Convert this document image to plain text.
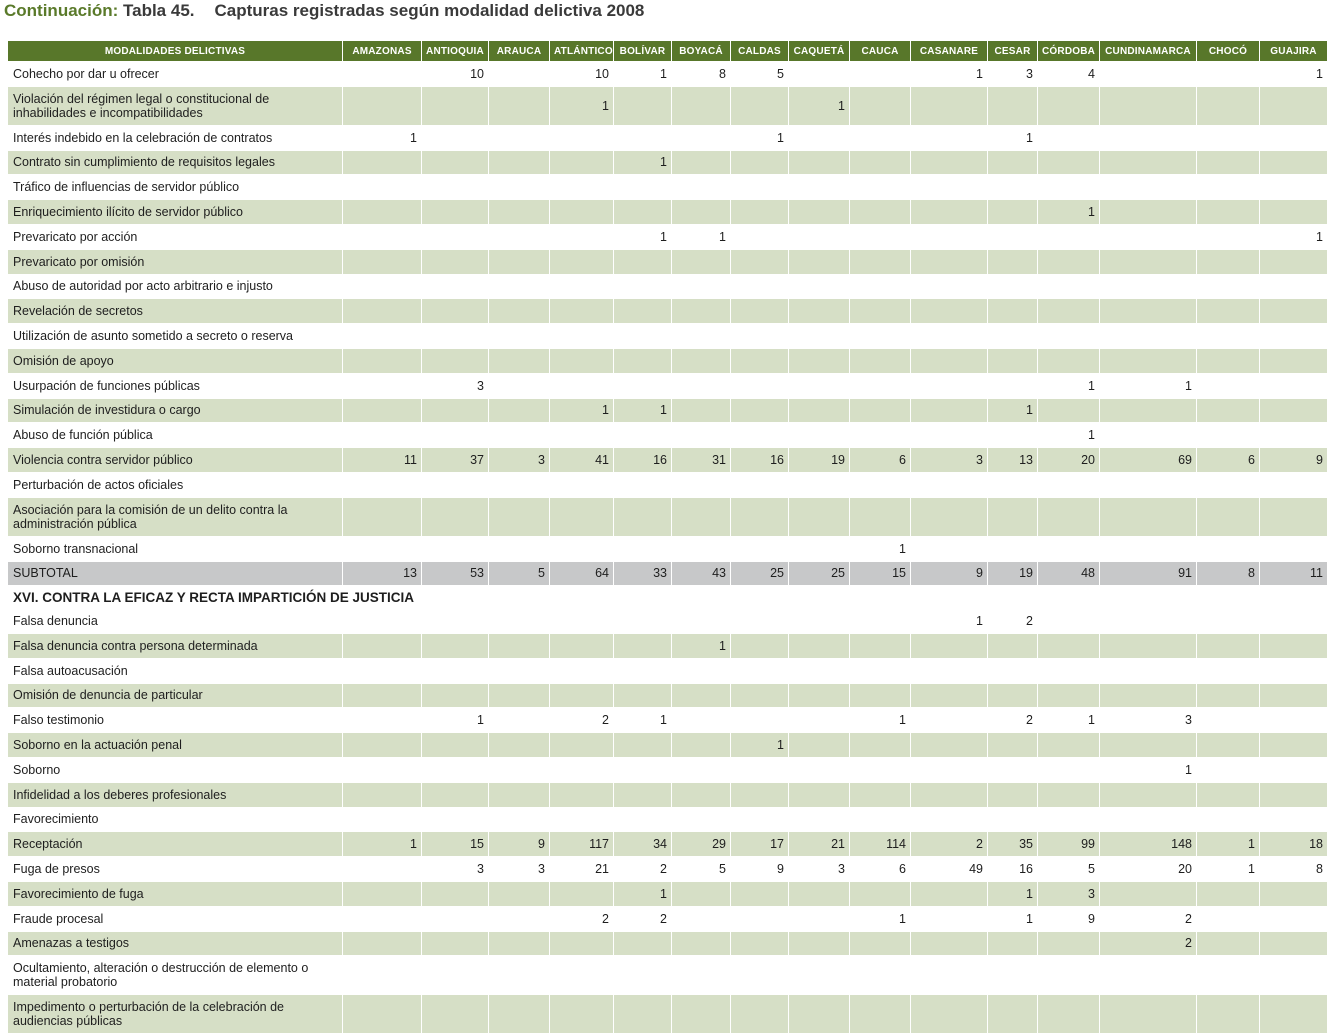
Continuación: Tabla 45. Capturas registradas según modalidad delictiva 2008
MODALIDADES DELICTIVAS	AMAZONAS	ANTIOQUIA	ARAUCA	ATLÁNTICO	BOLÍVAR	BOYACÁ	CALDAS	CAQUETÁ	CAUCA	CASANARE	CESAR	CÓRDOBA	CUNDINAMARCA	CHOCÓ	GUAJIRA
Cohecho por dar u ofrecer		10		10	1	8	5			1	3	4			1
Violación del régimen legal o constitucional de inhabilidades e incompatibilidades				1				1							
Interés indebido en la celebración de contratos	1						1				1				
Contrato sin cumplimiento de requisitos legales					1										
Tráfico de influencias de servidor público															
Enriquecimiento ilícito de servidor público												1			
Prevaricato por acción					1	1									1
Prevaricato por omisión															
Abuso de autoridad por acto arbitrario e injusto															
Revelación de secretos															
Utilización de asunto sometido a secreto o reserva															
Omisión de apoyo															
Usurpación de funciones públicas		3										1	1		
Simulación de investidura o cargo				1	1						1				
Abuso de función pública												1			
Violencia contra servidor público	11	37	3	41	16	31	16	19	6	3	13	20	69	6	9
Perturbación de actos oficiales															
Asociación para la comisión de un delito contra la administración pública															
Soborno transnacional									1						
SUBTOTAL	13	53	5	64	33	43	25	25	15	9	19	48	91	8	11
XVI. CONTRA LA EFICAZ Y RECTA IMPARTICIÓN DE JUSTICIA															
Falsa denuncia										1	2				
Falsa denuncia contra persona determinada						1									
Falsa autoacusación															
Omisión de denuncia de particular															
Falso testimonio		1		2	1				1		2	1	3		
Soborno en la actuación penal							1								
Soborno													1		
Infidelidad a los deberes profesionales															
Favorecimiento															
Receptación	1	15	9	117	34	29	17	21	114	2	35	99	148	1	18
Fuga de presos		3	3	21	2	5	9	3	6	49	16	5	20	1	8
Favorecimiento de fuga					1						1	3			
Fraude procesal				2	2				1		1	9	2		
Amenazas a testigos													2		
Ocultamiento, alteración o destrucción de elemento o material probatorio															
Impedimento o perturbación de la celebración de audiencias públicas															
